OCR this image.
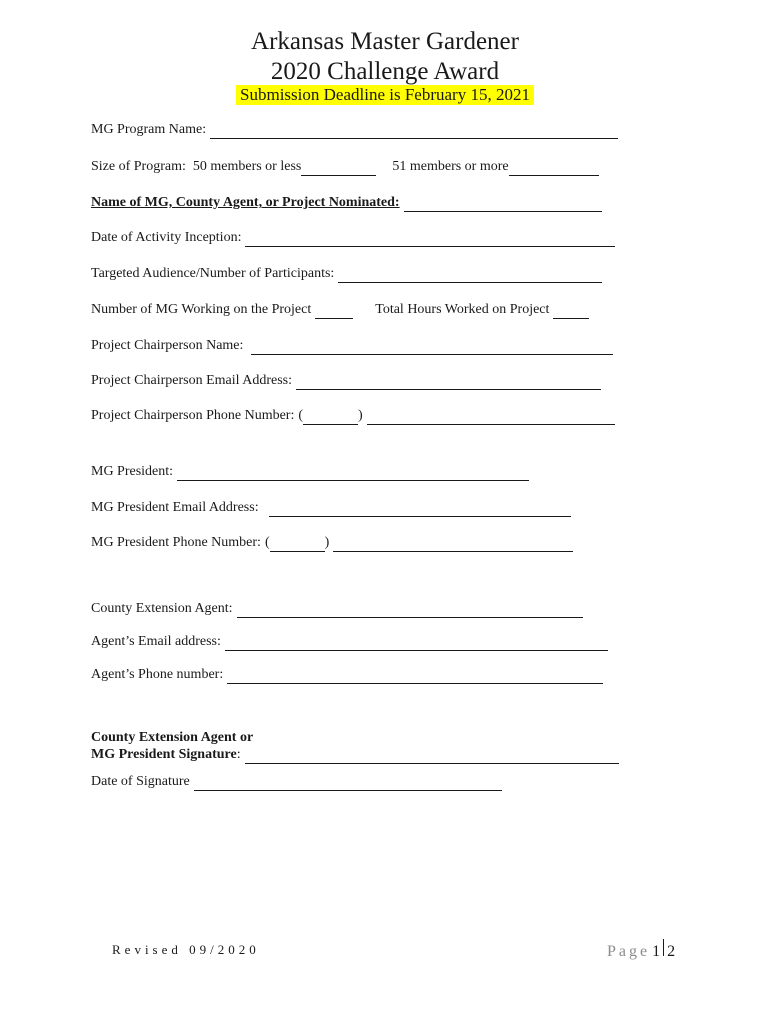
Arkansas Master Gardener
2020 Challenge Award
Submission Deadline is February 15, 2021
MG Program Name:
Size of Program:  50 members or less	51 members or more
Name of MG, County Agent, or Project Nominated:
Date of Activity Inception:
Targeted Audience/Number of Participants:
Number of MG Working on the Project	Total Hours Worked on Project
Project Chairperson Name:
Project Chairperson Email Address:
Project Chairperson Phone Number: (	)
MG President:
MG President Email Address:
MG President Phone Number: (	)
County Extension Agent:
Agent’s Email address:
Agent’s Phone number:
County Extension Agent or
MG President Signature :
Date of Signature
Revised 09/2020	Page 1 2
